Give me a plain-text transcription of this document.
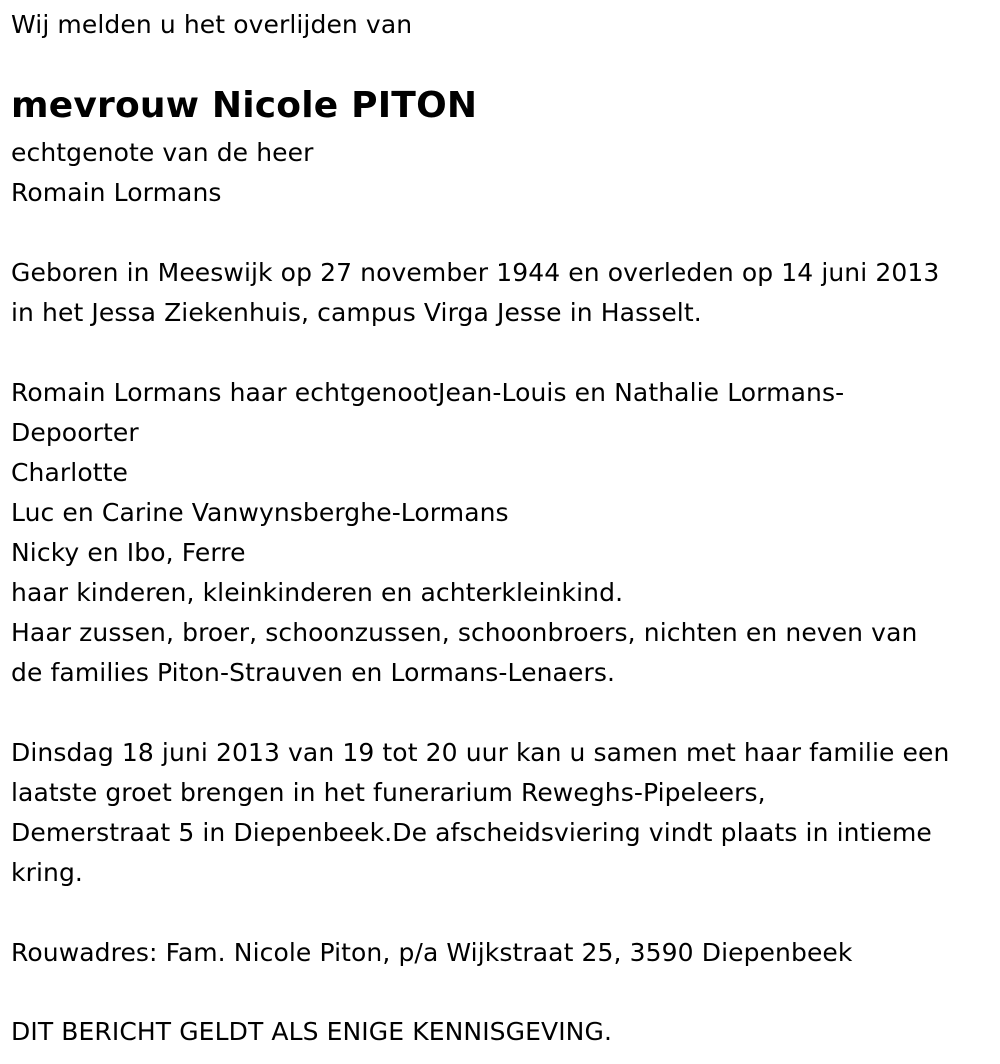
Wij melden u het overlijden van
mevrouw Nicole PITON
echtgenote van de heer
Romain Lormans
Geboren in Meeswijk op 27 november 1944 en overleden op 14 juni 2013
in het Jessa Ziekenhuis, campus Virga Jesse in Hasselt.
Romain Lormans haar echtgenootJean-Louis en Nathalie Lormans-
Depoorter
Charlotte
Luc en Carine Vanwynsberghe-Lormans
Nicky en Ibo, Ferre
haar kinderen, kleinkinderen en achterkleinkind.
Haar zussen, broer, schoonzussen, schoonbroers, nichten en neven van
de families Piton-Strauven en Lormans-Lenaers.
Dinsdag 18 juni 2013 van 19 tot 20 uur kan u samen met haar familie een
laatste groet brengen in het funerarium Reweghs-Pipeleers,
Demerstraat 5 in Diepenbeek.De afscheidsviering vindt plaats in intieme
kring.
Rouwadres: Fam. Nicole Piton, p/a Wijkstraat 25, 3590 Diepenbeek
DIT BERICHT GELDT ALS ENIGE KENNISGEVING.
